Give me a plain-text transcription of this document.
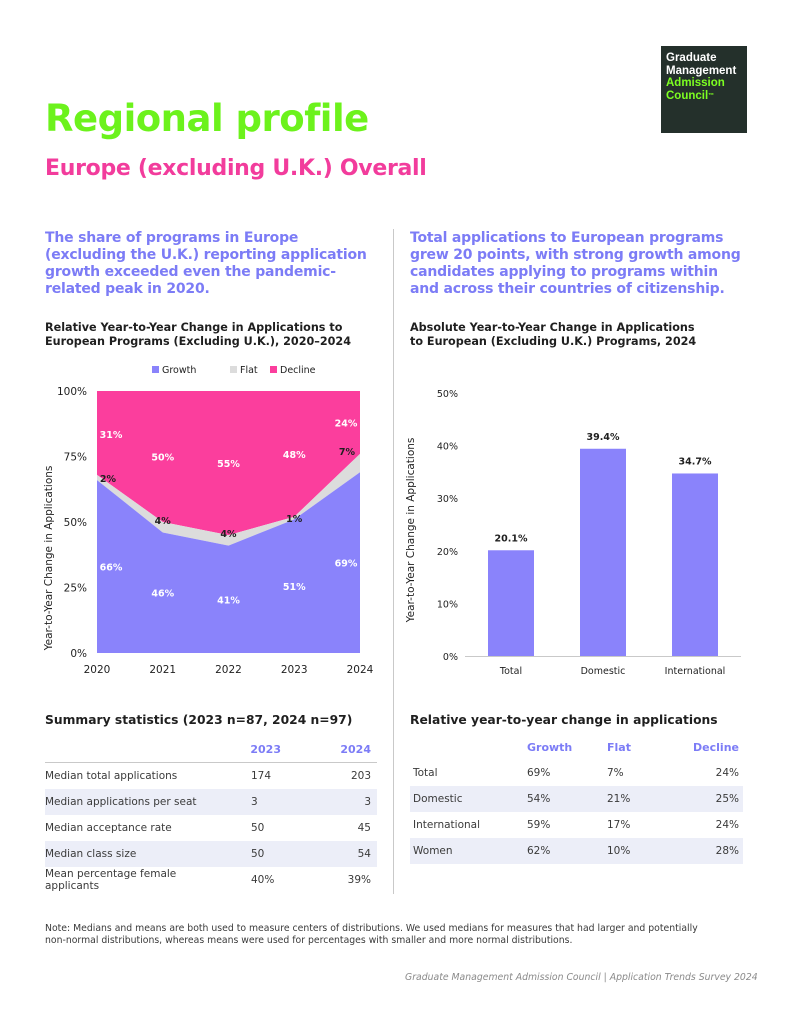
Graduate
Management
Admission
Council™
Regional profile
Europe (excluding U.K.) Overall
The share of programs in Europe
(excluding the U.K.) reporting application
growth exceeded even the pandemic-
related peak in 2020.
Total applications to European programs
grew 20 points, with strong growth among
candidates applying to programs within
and across their countries of citizenship.
Relative Year-to-Year Change in Applications to
European Programs (Excluding U.K.), 2020–2024
Absolute Year-to-Year Change in Applications
to European (Excluding U.K.) Programs, 2024
Growth	Flat Decline
0%
25%
50%
75%
100%
2020	2021	2022	2023	2024
66%
46%
41%
51%
69%
2%
4%
4%
1%
7%
31%
50%
55%
48%
24%
Year-to-Year Change in Applications
0%
10%
20%
30%
40%
50%
20.1%
Total
39.4%
Domestic
34.7%
International
Year-to-Year Change in Applications
Summary statistics (2023 n=87, 2024 n=97)
	2023	2024
Median total applications	174	203
Median applications per seat	3	3
Median acceptance rate	50	45
Median class size	50	54
Mean percentage female applicants	40%	39%
Relative year-to-year change in applications
	Growth	Flat	Decline
Total	69%	7%	24%
Domestic	54%	21%	25%
International	59%	17%	24%
Women	62%	10%	28%
Note: Medians and means are both used to measure centers of distributions. We used medians for measures that had larger and potentially
non-normal distributions, whereas means were used for percentages with smaller and more normal distributions.
Graduate Management Admission Council | Application Trends Survey 2024
